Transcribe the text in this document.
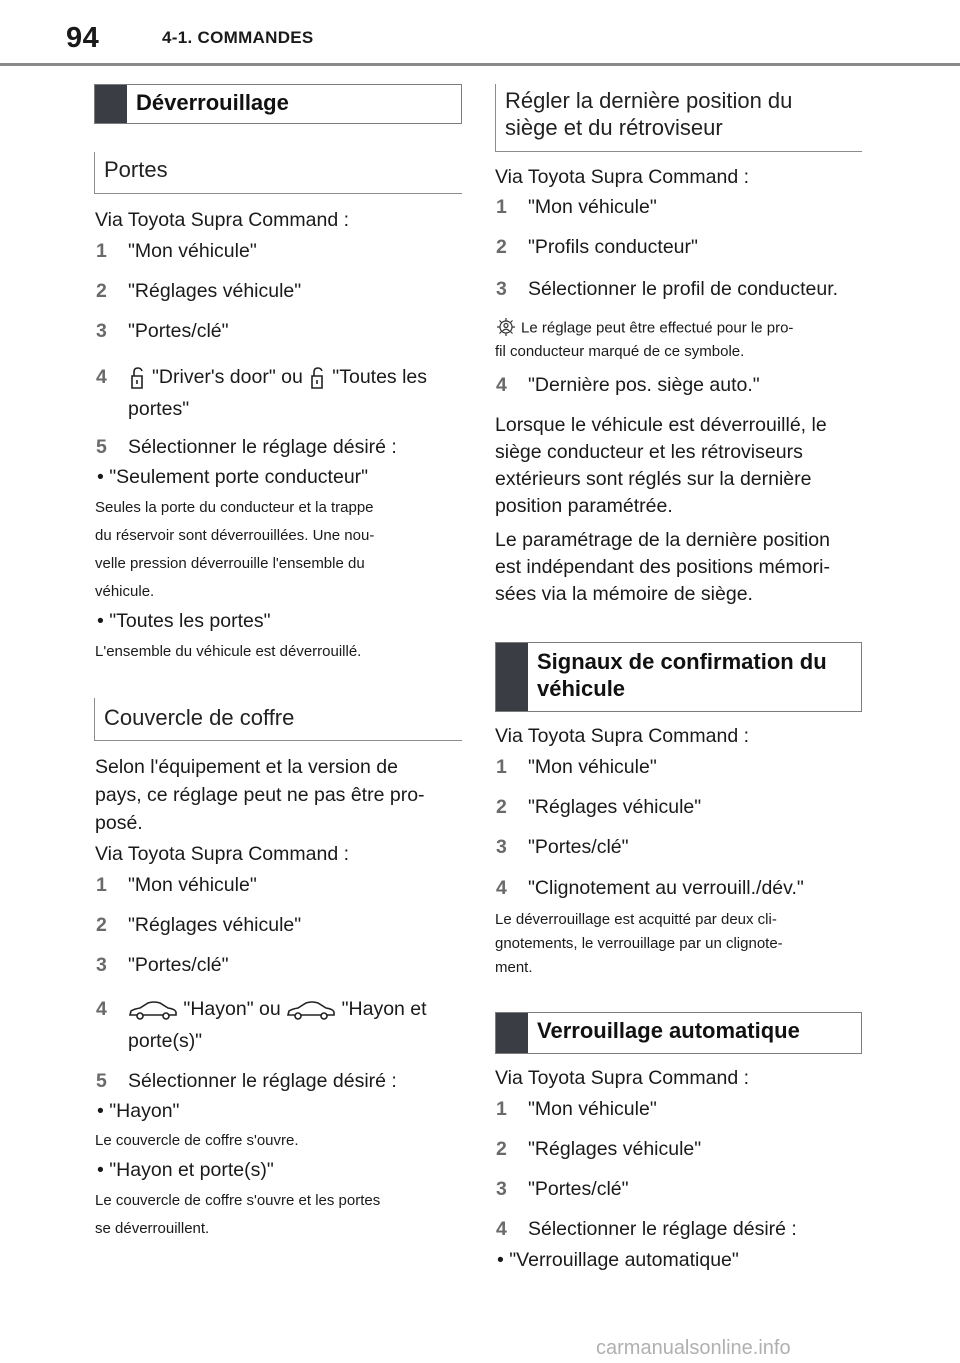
94	4-1. COMMANDES
Déverrouillage
Portes
Via Toyota Supra Command :
1 "Mon véhicule"
2 "Réglages véhicule"
3 "Portes/clé"
4	"Driver's door" ou "Toutes les
portes"
5 Sélectionner le réglage désiré :
• "Seulement porte conducteur"
Seules la porte du conducteur et la trappe
du réservoir sont déverrouillées. Une nou-
velle pression déverrouille l'ensemble du
véhicule.
• "Toutes les portes"
L'ensemble du véhicule est déverrouillé.
Couvercle de coffre
Selon l'équipement et la version de
pays, ce réglage peut ne pas être pro-
posé.
Via Toyota Supra Command :
1 "Mon véhicule"
2 "Réglages véhicule"
3 "Portes/clé"
4	"Hayon" ou	"Hayon et
porte(s)"
5 Sélectionner le réglage désiré :
• "Hayon"
Le couvercle de coffre s'ouvre.
• "Hayon et porte(s)"
Le couvercle de coffre s'ouvre et les portes
se déverrouillent.
Régler la dernière position du
siège et du rétroviseur
Via Toyota Supra Command :
1 "Mon véhicule"
2 "Profils conducteur"
3 Sélectionner le profil de conducteur.
Le réglage peut être effectué pour le pro-
fil conducteur marqué de ce symbole.
4 "Dernière pos. siège auto."
Lorsque le véhicule est déverrouillé, le
siège conducteur et les rétroviseurs
extérieurs sont réglés sur la dernière
position paramétrée.
Le paramétrage de la dernière position
est indépendant des positions mémori-
sées via la mémoire de siège.
Signaux de confirmation du
véhicule
Via Toyota Supra Command :
1 "Mon véhicule"
2 "Réglages véhicule"
3 "Portes/clé"
4 "Clignotement au verrouill./dév."
Le déverrouillage est acquitté par deux cli-
gnotements, le verrouillage par un clignote-
ment.
Verrouillage automatique
Via Toyota Supra Command :
1 "Mon véhicule"
2 "Réglages véhicule"
3 "Portes/clé"
4 Sélectionner le réglage désiré :
• "Verrouillage automatique"
carmanualsonline.info
